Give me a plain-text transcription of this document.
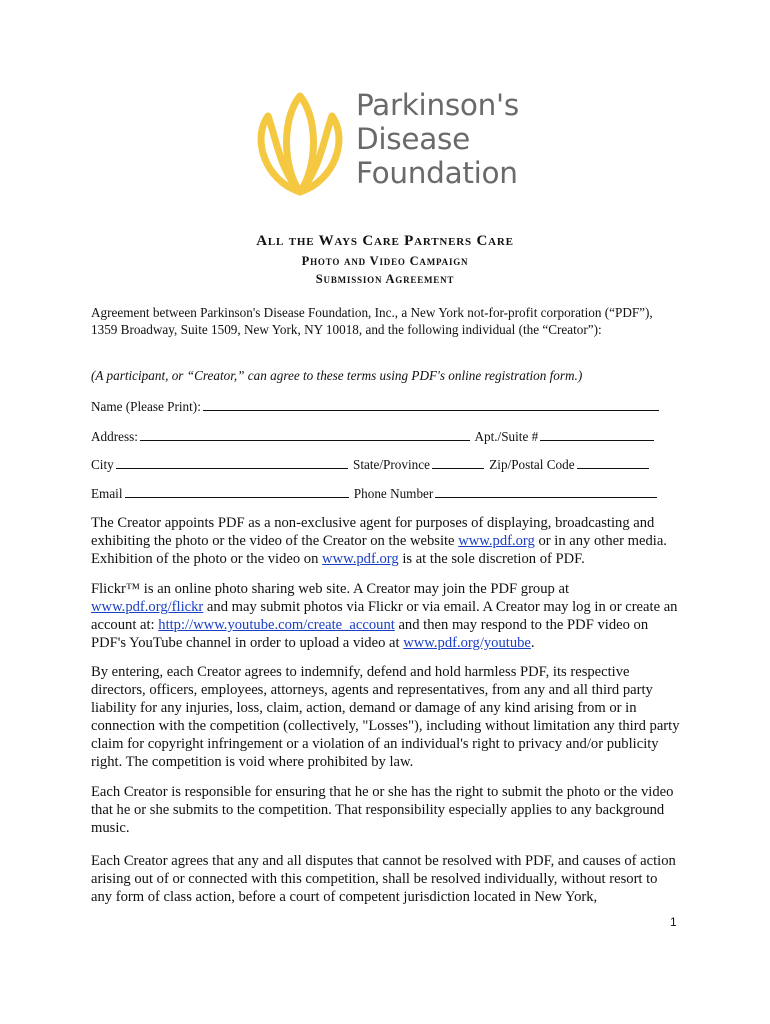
Parkinson's
Disease
Foundation
All the Ways Care Partners Care
Photo and Video Campaign
Submission Agreement

Agreement between Parkinson's Disease Foundation, Inc., a New York not-for-profit corporation (“PDF”), 1359 Broadway, Suite 1509, New York, NY 10018, and the following individual (the “Creator”):

(A participant, or “Creator,” can agree to these terms using PDF's online registration form.)

Name (Please Print):
Address:	Apt./Suite #
City	State/Province	Zip/Postal Code
Email	Phone Number

The Creator appoints PDF as a non-exclusive agent for purposes of displaying, broadcasting and exhibiting the photo or the video of the Creator on the website www.pdf.org or in any other media. Exhibition of the photo or the video on www.pdf.org is at the sole discretion of PDF.

Flickr™ is an online photo sharing web site. A Creator may join the PDF group at www.pdf.org/flickr and may submit photos via Flickr or via email. A Creator may log in or create an account at: http://www.youtube.com/create_account and then may respond to the PDF video on PDF's YouTube channel in order to upload a video at www.pdf.org/youtube.

By entering, each Creator agrees to indemnify, defend and hold harmless PDF, its respective directors, officers, employees, attorneys, agents and representatives, from any and all third party liability for any injuries, loss, claim, action, demand or damage of any kind arising from or in connection with the competition (collectively, "Losses"), including without limitation any third party claim for copyright infringement or a violation of an individual's right to privacy and/or publicity right. The competition is void where prohibited by law.

Each Creator is responsible for ensuring that he or she has the right to submit the photo or the video that he or she submits to the competition. That responsibility especially applies to any background music.

Each Creator agrees that any and all disputes that cannot be resolved with PDF, and causes of action arising out of or connected with this competition, shall be resolved individually, without resort to any form of class action, before a court of competent jurisdiction located in New York,

1
